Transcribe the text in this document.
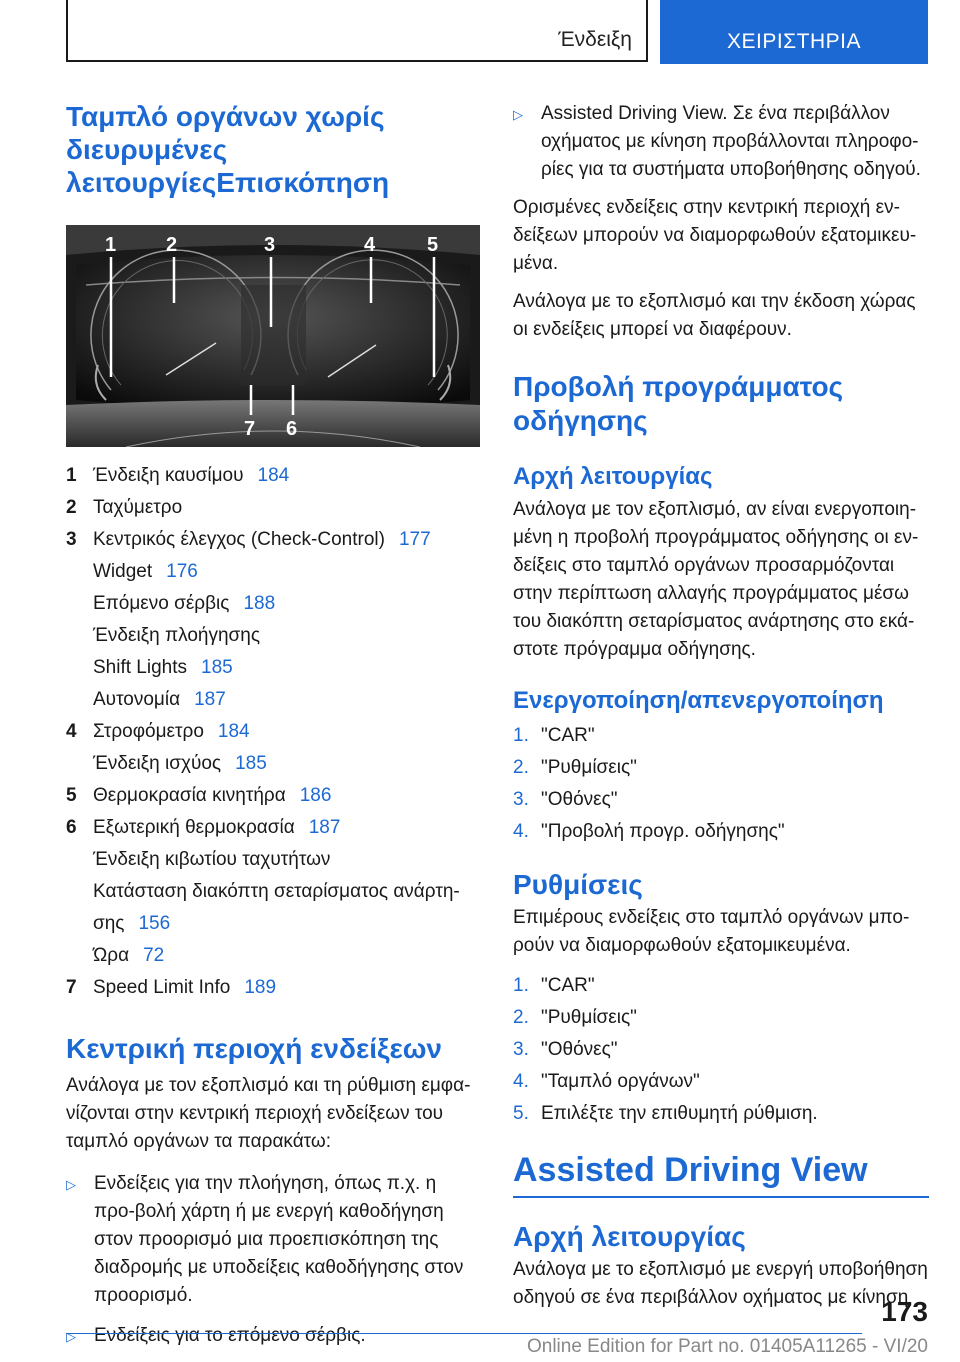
Ένδειξη	ΧΕΙΡΙΣΤΗΡΙΑ
Ταμπλό οργάνων χωρίς διευρυμένες λειτουργίεςΕπισκόπηση
1 2	3	4	5
7 6
1 Ένδειξη καυσίμου 184
2 Ταχύμετρο
3 Κεντρικός έλεγχος (Check-Control) 177
Widget 176
Επόμενο σέρβις 188
Ένδειξη πλοήγησης
Shift Lights 185
Αυτονομία 187
4 Στροφόμετρο 184
Ένδειξη ισχύος 185
5 Θερμοκρασία κινητήρα 186
6 Εξωτερική θερμοκρασία 187
Ένδειξη κιβωτίου ταχυτήτων
Κατάσταση διακόπτη σεταρίσματος ανάρτη-σης 156
Ώρα 72
7 Speed Limit Info 189
Κεντρική περιοχή ενδείξεων

Ανάλογα με τον εξοπλισμό και τη ρύθμιση εμφα-νίζονται στην κεντρική περιοχή ενδείξεων του ταμπλό οργάνων τα παρακάτω:

▷ Ενδείξεις για την πλοήγηση, όπως π.χ. η προ-βολή χάρτη ή με ενεργή καθοδήγηση στον προορισμό μια προεπισκόπηση της διαδρομής με υποδείξεις καθοδήγησης στον προορισμό.
▷ Ενδείξεις για το επόμενο σέρβις.
▷ Assisted Driving View. Σε ένα περιβάλλον οχήματος με κίνηση προβάλλονται πληροφο-ρίες για τα συστήματα υποβοήθησης οδηγού.

Ορισμένες ενδείξεις στην κεντρική περιοχή εν-δείξεων μπορούν να διαμορφωθούν εξατομικευ-μένα.

Ανάλογα με το εξοπλισμό και την έκδοση χώρας οι ενδείξεις μπορεί να διαφέρουν.

Προβολή προγράμματος οδήγησης
Αρχή λειτουργίας

Ανάλογα με τον εξοπλισμό, αν είναι ενεργοποιη-μένη η προβολή προγράμματος οδήγησης οι εν-δείξεις στο ταμπλό οργάνων προσαρμόζονται στην περίπτωση αλλαγής προγράμματος μέσω του διακόπτη σεταρίσματος ανάρτησης στο εκά-στοτε πρόγραμμα οδήγησης.

Ενεργοποίηση/απενεργοποίηση
1. "CAR"
2. "Ρυθμίσεις"
3. "Οθόνες"
4. "Προβολή προγρ. οδήγησης"
Ρυθμίσεις

Επιμέρους ενδείξεις στο ταμπλό οργάνων μπο-ρούν να διαμορφωθούν εξατομικευμένα.

1. "CAR"
2. "Ρυθμίσεις"
3. "Οθόνες"
4. "Ταμπλό οργάνων"
5. Επιλέξτε την επιθυμητή ρύθμιση.
Assisted Driving View
Αρχή λειτουργίας

Ανάλογα με το εξοπλισμό με ενεργή υποβοήθηση οδηγού σε ένα περιβάλλον οχήματος με κίνηση

173
Online Edition for Part no. 01405A11265 - VI/20
